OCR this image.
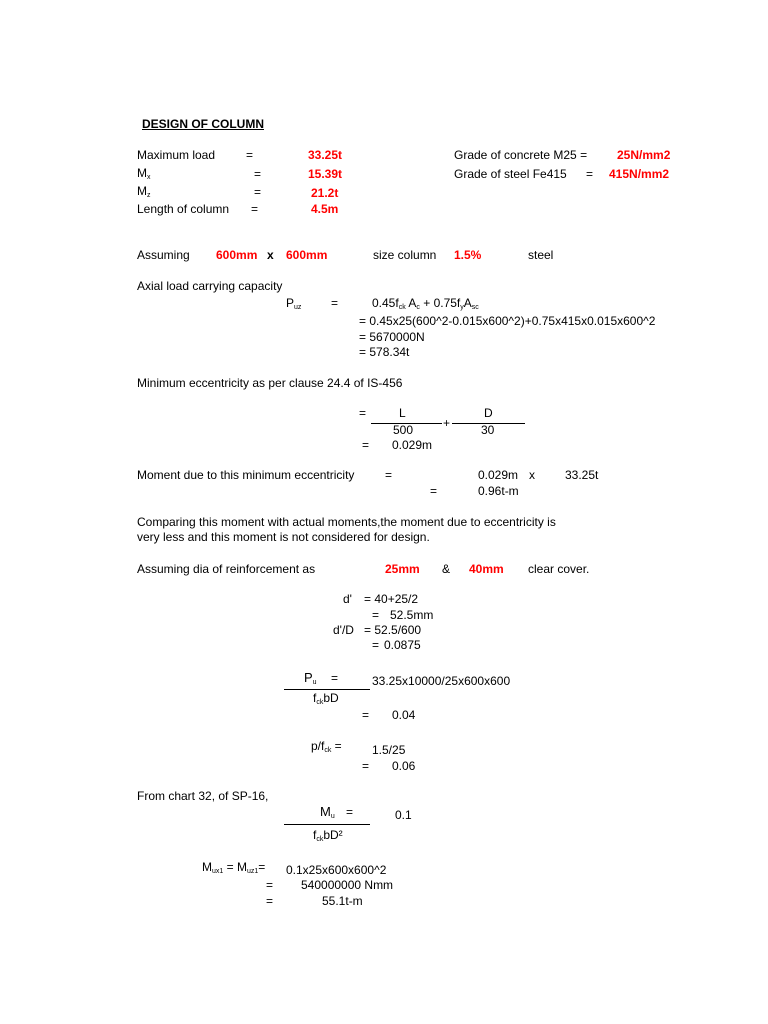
DESIGN OF COLUMN
Maximum load	=	33.25t
$M_x$	=	15.39t
$M_z$	=	21.2t
Length of column =	4.5m
Grade of concrete M25 = 25N/mm2
Grade of steel Fe415 = 415N/mm2
Assuming 600mm x 600mm	size column 1.5%	steel
Axial load carrying capacity
$P_{uz}$ =	$0.45f_{ck}$ $A_c + 0.75f_yA_{sc}$
= 0.45x25(600^2-0.015x600^2)+0.75x415x0.015x600^2
= 5670000N
= 578.34t
Minimum eccentricity as per clause 24.4 of IS-456
=	L
500 +
D
30
= 0.029m
Moment due to this minimum eccentricity	=	0.029m x	33.25t
=	0.96t-m
Comparing this moment with actual moments,the moment due to eccentricity is
very less and this moment is not considered for design.
Assuming dia of reinforcement as	25mm & 40mm clear cover.
d' = 40+25/2
= 52.5mm
d'/D = 52.5/600
= 0.0875
$P_u$ =
$f_{ck}bD$
33.25x10000/25x600x600
= 0.04
$p/f_{ck}$ =	1.5/25
= 0.06
From chart 32, of SP-16,
$M_u$ =
$f_{ck}bD^2$
0.1
$M_{ux1} = M_{uz1}=$ 0.1x25x600x600^2
= 540000000 Nmm
=	55.1t-m
